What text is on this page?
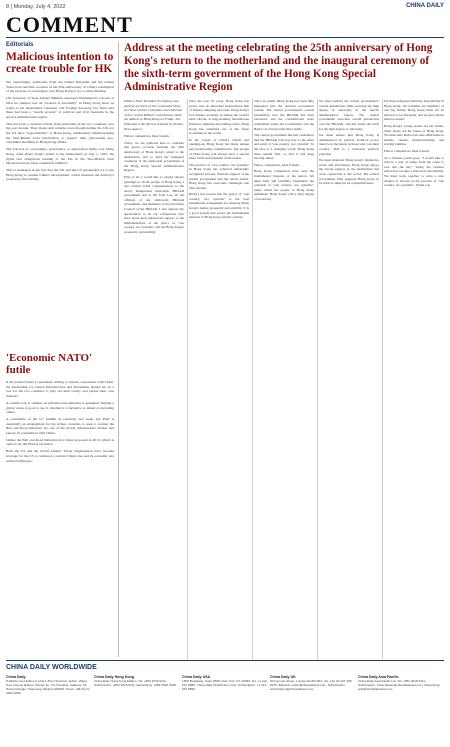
8 | Monday, July 4, 2022	CHINA DAILY
COMMENT
Editorials
Malicious intention to create trouble for HK

Not surprisingly, politicians from the United Kingdom and the United States have used the occasion of the 25th anniversary of China's resumption of the exercise of sovereignty over Hong Kong to try to smear Beijing.

UK Secretary of State Antony Blinken expressed Washington's concern at what he claimed was an "erosion of autonomy" in Hong Kong since its return to the motherland. Likewise, UK Foreign Secretary Liz Truss said there had been a "steady erosion" of political and civil freedoms in the special administrative region.

This has been a constant refrain from politicians in the two countries over the past decade. They made such remarks even though neither the UK nor the US have "responsibility" to Hong Kong. Deliberately misinterpreting the Sino-British Joint Declaration to support their patronizing neo-colonialist meddling in Hong Kong affairs.

The UK has no sovereignty, governance or supervision rights over Hong Kong. After Hong Kong's return to the motherland on July 1, 1997, the rights and obligations relating to the UK in the Sino-British Joint Declaration have been completely fulfilled.

This is enshrined in the fact that the UK and the US persistently try to use Hong Kong to contain China's development, which threatens the territory's prosperity and stability.

'Economic NATO' futile

If the United States is genuinely willing to pursue cooperation with China, the Partnership for Global Infrastructure and Investment should not be a tool for the two countries to play out their rivalry and pursue their own interests.

A careful look at whether an infrastructure initiative is genuinely helping a global cause is good to see it, whether it is inclusive or aimed at excluding others.

A roundtable of the G7 summit in Germany last week, the PGII is essentially an arrangement for the richest countries to seek to counter the Belt and Road Initiative via one of the global infrastructure market and expose its competition with China.

Unlike the Belt and Road Initiative that China proposed in 2013, which is open to all, the PGII is exclusive.

Both the US and the World Atlantic Treaty Organization have become leverage for the US to continue to contain China's rise and its economic and political influence.

Address at the meeting celebrating the 25th anniversary of Hong Kong's return to the motherland and the inaugural ceremony of the sixth-term government of the Hong Kong Special Administrative Region
Editor's Note: President Xi Jinping, also general secretary of the Communist Party of China Central Committee and chairman of the Central Military Commission, made the address in Hong Kong on Friday. The following is the full text released by Xinhua News Agency.

Fellow compatriots, Dear friends,

Today, we are gathered here to celebrate this grand occasion marking the 25th anniversary of Hong Kong's return to the motherland, and to hold the inaugural ceremony of the sixth-term government of the Hong Kong Special Administrative Region.

First of all, I would like to extend sincere greetings to all the people of Hong Kong. I also extend warm congratulations to the newly inaugurated sixth-term HKSAR government and to Mr John Lee, all the officials of the sixth-term HKSAR government, and members of the Executive Council of the HKSAR. I also express my appreciation to all our compatriots who have given their unreserved support to the implementation of the policy of "one country, two systems" and the Hong Kong's prosperity and stability.

Over the past 25 years, Hong Kong has grown into an important international hub of finance, shipping and trade. Hong Kong's free market economy is among the world's most vibrant. A long-standing international financial, shipping and trading centre, Hong Kong has remained one of the freest economies in the world.

In the course of China's reform and opening-up, Hong Kong has made unique and irreplaceable contributions. The people of Hong Kong will always have a special place in the development of the nation.

The practice of "one country, two systems" in Hong Kong has achieved universally recognized success. With the support of the central government and the whole nation, Hong Kong has overcome challenges one after another.

History has proven that the policy of "one country, two systems" is the best institutional arrangement for ensuring Hong Kong's lasting prosperity and stability. It is a good system that serves the fundamental interests of Hong Kong and the country.

Since its return, Hong Kong has been fully integrated into the national governance system. The central government's overall jurisdiction over the HKSAR has been exercised, and the constitutional order established under the Constitution and the Basic Law has become more stable.

The central government has full confidence that the HKSAR will stay true to the letter and spirit of "one country, two systems". In the face of a changing world, Hong Kong must remain firm, so that it will keep moving ahead.

Fellow compatriots, Dear friends,

Hong Kong compatriots have seen the fundamental interests of the nation. We must fully and faithfully implement the principle of "one country, two systems", under which the people of Hong Kong administer Hong Kong with a high degree of autonomy.

We must uphold the central government's overall jurisdiction while securing the high degree of autonomy in the special administrative region. The central government exercises overall jurisdiction over the HKSAR, and this forms the basis for the high degree of autonomy.

We must ensure that Hong Kong is administered by patriots. Political power must be in the hands of those who love their country. This is a universal political principle.

We must maintain Hong Kong's distinctive status and advantages. Hong Kong enjoys the strong support of the motherland and close connection to the world. The central government fully supports Hong Kong in its effort to improve its competitiveness.

We must safeguard harmony and stability in Hong Kong. All residents are members of one big family. Hong Kong must not be allowed to be disrupted, and people's hearts must be united.

Hong Kong's young people are the future. Their hopes are the hopes of Hong Kong. We must help them overcome difficulties in studies, careers, homeownership, and starting families.

Fellow compatriots, Dear friends,

As a Chinese poem goes, "I would like to borrow a pair of wings from the crane to soar into the sky." Today, the Chinese nation has become a historical inevitability. We must work together to write a new chapter of success in the practice of "one country, two systems". Thank you.

CHINA DAILY WORLDWIDE
China Daily
Publisher and Editor-in-Chief: Zhou Shuchun. Editor: Wang Hao. Deputy Editors: Zhang Jin, Cui Hongwei. Address: 15 Huixin Dongjie, Chaoyang, Beijing 100029. News: +86 (0) 10 6491-8366.
China Daily Hong Kong
China Daily Hong Kong Edition. Tel: +852 2518 5111. Subscription: +852 2518 5111. Advertising: +852 2518 5188.
China Daily USA
1500 Broadway, Suite 2800, New York, NY 10036. Tel: +1 212 537 8888. China Daily Distribution Corp. Subscription: +1 212 537 8899.
China Daily UK
90 Cannon Street, London EC4N 6HA. Tel: +44 (0) 207 398 8270. Editorial: editor@chinadailyuk.com. Subscription: subscription@chinadailyuk.com.
China Daily Asia Pacific
China Daily Asia Pacific Ltd. Tel: +852 2518 5111. Subscription: subscription@chinadailyasia.com. Advertising: ads@chinadailyasia.com.
